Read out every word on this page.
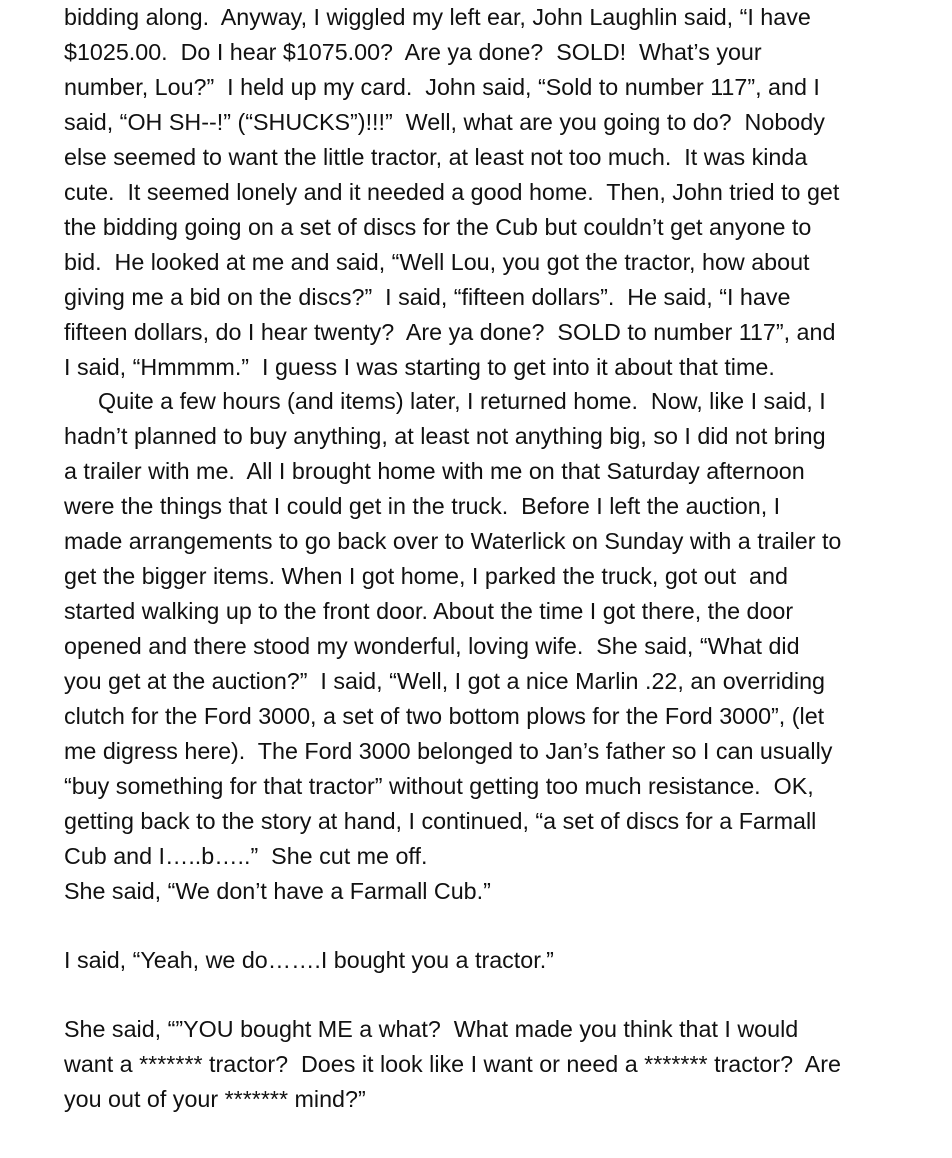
bidding along.  Anyway, I wiggled my left ear, John Laughlin said, “I have
$1025.00.  Do I hear $1075.00?  Are ya done?  SOLD!  What’s your
number, Lou?”  I held up my card.  John said, “Sold to number 117”, and I
said, “OH SH--!” (“SHUCKS”)!!!”  Well, what are you going to do?  Nobody
else seemed to want the little tractor, at least not too much.  It was kinda
cute.  It seemed lonely and it needed a good home.  Then, John tried to get
the bidding going on a set of discs for the Cub but couldn’t get anyone to
bid.  He looked at me and said, “Well Lou, you got the tractor, how about
giving me a bid on the discs?”  I said, “fifteen dollars”.  He said, “I have
fifteen dollars, do I hear twenty?  Are ya done?  SOLD to number 117”, and
I said, “Hmmmm.”  I guess I was starting to get into it about that time.
Quite a few hours (and items) later, I returned home.  Now, like I said, I
hadn’t planned to buy anything, at least not anything big, so I did not bring
a trailer with me.  All I brought home with me on that Saturday afternoon
were the things that I could get in the truck.  Before I left the auction, I
made arrangements to go back over to Waterlick on Sunday with a trailer to
get the bigger items. When I got home, I parked the truck, got out  and
started walking up to the front door. About the time I got there, the door
opened and there stood my wonderful, loving wife.  She said, “What did
you get at the auction?”  I said, “Well, I got a nice Marlin .22, an overriding
clutch for the Ford 3000, a set of two bottom plows for the Ford 3000”, (let
me digress here).  The Ford 3000 belonged to Jan’s father so I can usually
“buy something for that tractor” without getting too much resistance.  OK,
getting back to the story at hand, I continued, “a set of discs for a Farmall
Cub and I…..b…..”  She cut me off.
She said, “We don’t have a Farmall Cub.”
I said, “Yeah, we do…….I bought you a tractor.”
She said, “”YOU bought ME a what?  What made you think that I would
want a ******* tractor?  Does it look like I want or need a ******* tractor?  Are
you out of your ******* mind?”
